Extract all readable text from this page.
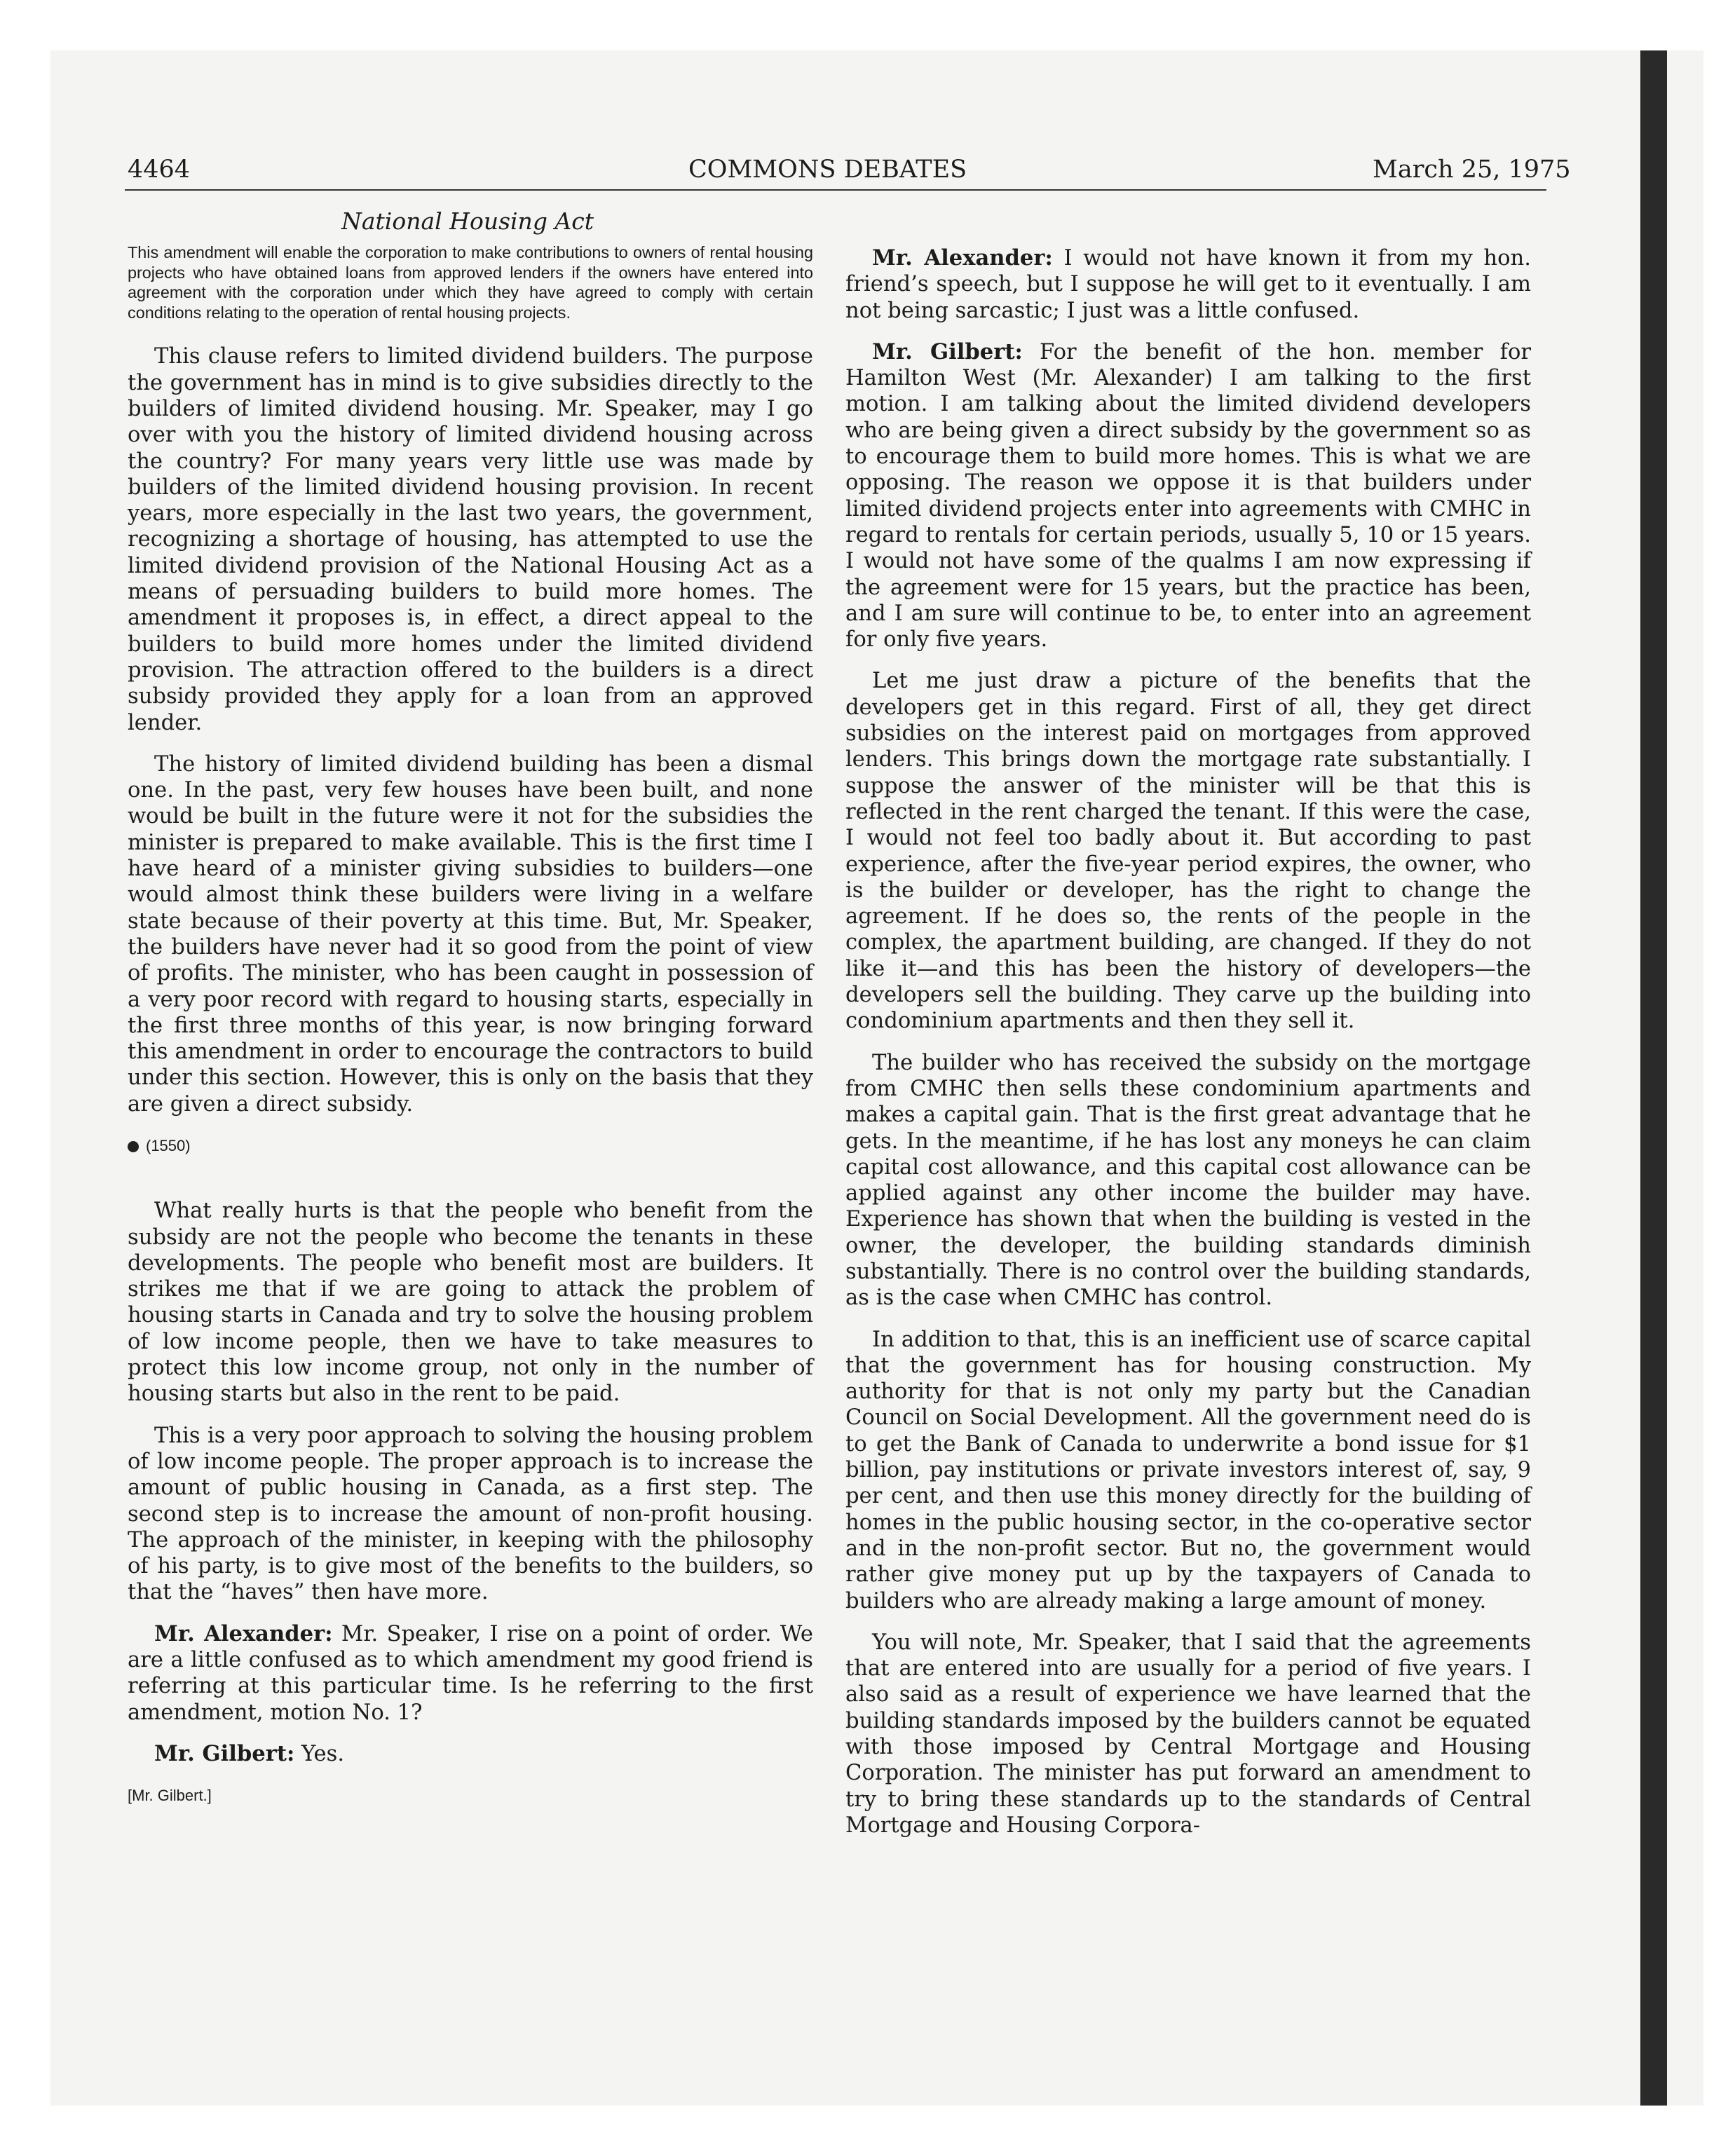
4464	COMMONS DEBATES	March 25, 1975
National Housing Act

This amendment will enable the corporation to make contributions to owners of rental housing projects who have obtained loans from approved lenders if the owners have entered into agreement with the corporation under which they have agreed to comply with certain conditions relating to the operation of rental housing projects.

This clause refers to limited dividend builders. The purpose the government has in mind is to give subsidies directly to the builders of limited dividend housing. Mr. Speaker, may I go over with you the history of limited dividend housing across the country? For many years very little use was made by builders of the limited dividend housing provision. In recent years, more especially in the last two years, the government, recognizing a shortage of housing, has attempted to use the limited dividend provision of the National Housing Act as a means of persuading builders to build more homes. The amendment it proposes is, in effect, a direct appeal to the builders to build more homes under the limited dividend provision. The attraction offered to the builders is a direct subsidy provided they apply for a loan from an approved lender.

The history of limited dividend building has been a dismal one. In the past, very few houses have been built, and none would be built in the future were it not for the subsidies the minister is prepared to make available. This is the first time I have heard of a minister giving subsidies to builders—one would almost think these builders were living in a welfare state because of their poverty at this time. But, Mr. Speaker, the builders have never had it so good from the point of view of profits. The minister, who has been caught in possession of a very poor record with regard to housing starts, especially in the first three months of this year, is now bringing forward this amendment in order to encourage the contractors to build under this section. However, this is only on the basis that they are given a direct subsidy.

(1550)

What really hurts is that the people who benefit from the subsidy are not the people who become the tenants in these developments. The people who benefit most are builders. It strikes me that if we are going to attack the problem of housing starts in Canada and try to solve the housing problem of low income people, then we have to take measures to protect this low income group, not only in the number of housing starts but also in the rent to be paid.

This is a very poor approach to solving the housing problem of low income people. The proper approach is to increase the amount of public housing in Canada, as a first step. The second step is to increase the amount of non-profit housing. The approach of the minister, in keeping with the philosophy of his party, is to give most of the benefits to the builders, so that the “haves” then have more.

Mr. Alexander: Mr. Speaker, I rise on a point of order. We are a little confused as to which amendment my good friend is referring at this particular time. Is he referring to the first amendment, motion No. 1?

Mr. Gilbert: Yes.

[Mr. Gilbert.]

Mr. Alexander: I would not have known it from my hon. friend’s speech, but I suppose he will get to it eventually. I am not being sarcastic; I just was a little confused.

Mr. Gilbert: For the benefit of the hon. member for Hamilton West (Mr. Alexander) I am talking to the first motion. I am talking about the limited dividend developers who are being given a direct subsidy by the government so as to encourage them to build more homes. This is what we are opposing. The reason we oppose it is that builders under limited dividend projects enter into agreements with CMHC in regard to rentals for certain periods, usually 5, 10 or 15 years. I would not have some of the qualms I am now expressing if the agreement were for 15 years, but the practice has been, and I am sure will continue to be, to enter into an agreement for only five years.

Let me just draw a picture of the benefits that the developers get in this regard. First of all, they get direct subsidies on the interest paid on mortgages from approved lenders. This brings down the mortgage rate substantially. I suppose the answer of the minister will be that this is reflected in the rent charged the tenant. If this were the case, I would not feel too badly about it. But according to past experience, after the five-year period expires, the owner, who is the builder or developer, has the right to change the agreement. If he does so, the rents of the people in the complex, the apartment building, are changed. If they do not like it—and this has been the history of developers—the developers sell the building. They carve up the building into condominium apartments and then they sell it.

The builder who has received the subsidy on the mortgage from CMHC then sells these condominium apartments and makes a capital gain. That is the first great advantage that he gets. In the meantime, if he has lost any moneys he can claim capital cost allowance, and this capital cost allowance can be applied against any other income the builder may have. Experience has shown that when the building is vested in the owner, the developer, the building standards diminish substantially. There is no control over the building standards, as is the case when CMHC has control.

In addition to that, this is an inefficient use of scarce capital that the government has for housing construction. My authority for that is not only my party but the Canadian Council on Social Development. All the government need do is to get the Bank of Canada to underwrite a bond issue for $1 billion, pay institutions or private investors interest of, say, 9 per cent, and then use this money directly for the building of homes in the public housing sector, in the co-operative sector and in the non-profit sector. But no, the government would rather give money put up by the taxpayers of Canada to builders who are already making a large amount of money.

You will note, Mr. Speaker, that I said that the agreements that are entered into are usually for a period of five years. I also said as a result of experience we have learned that the building standards imposed by the builders cannot be equated with those imposed by Central Mortgage and Housing Corporation. The minister has put forward an amendment to try to bring these standards up to the standards of Central Mortgage and Housing Corpora-
